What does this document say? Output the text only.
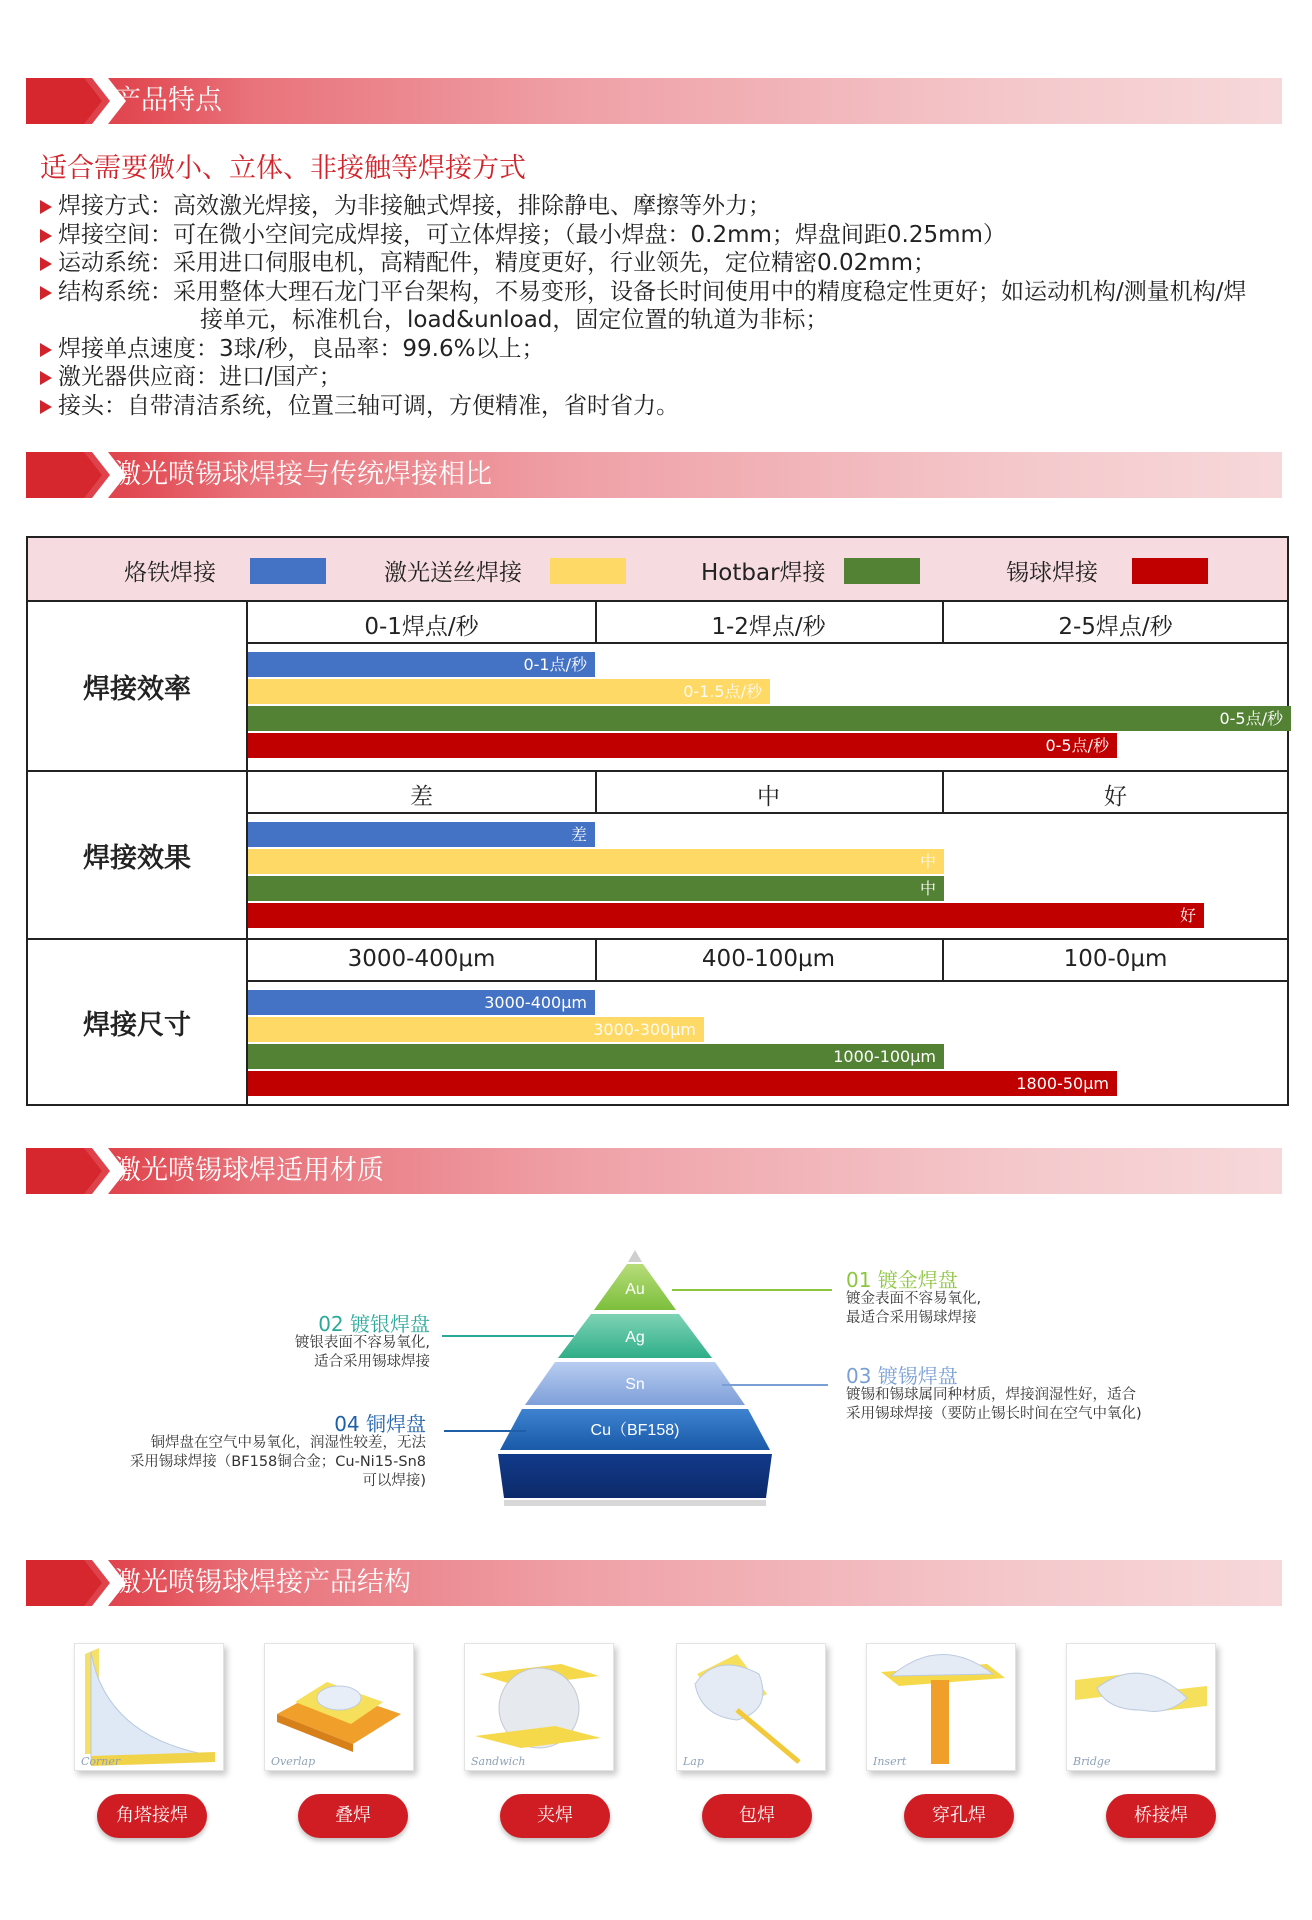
产品特点
适合需要微小、立体、非接触等焊接方式
焊接方式：高效激光焊接，为非接触式焊接，排除静电、摩擦等外力；
焊接空间：可在微小空间完成焊接，可立体焊接；（最小焊盘：0.2mm；焊盘间距0.25mm）
运动系统：采用进口伺服电机，高精配件，精度更好，行业领先，定位精密0.02mm；
结构系统：采用整体大理石龙门平台架构，不易变形，设备长时间使用中的精度稳定性更好；如运动机构/测量机构/焊
接单元，标准机台，load&unload，固定位置的轨道为非标；
焊接单点速度：3球/秒，良品率：99.6%以上；
激光器供应商：进口/国产；
接头：自带清洁系统，位置三轴可调，方便精准，省时省力。
激光喷锡球焊接与传统焊接相比
烙铁焊接	激光送丝焊接	Hotbar焊接	锡球焊接
焊接效率
0-1焊点/秒	1-2焊点/秒	2-5焊点/秒
0-1点/秒
0-1.5点/秒
0-5点/秒
0-5点/秒
焊接效果
差	中	好
差
中
中
好
焊接尺寸
3000-400μm	400-100μm	100-0μm
3000-400μm
3000-300μm
1000-100μm
1800-50μm
激光喷锡球焊适用材质
Au
Ag
Sn
Cu（BF158)
01 镀金焊盘
镀金表面不容易氧化,
最适合采用锡球焊接
02 镀银焊盘
镀银表面不容易氧化,
适合采用锡球焊接
03 镀锡焊盘
镀锡和锡球属同种材质，焊接润湿性好，适合
采用锡球焊接（要防止锡长时间在空气中氧化)
04 铜焊盘
铜焊盘在空气中易氧化，润湿性较差，无法
采用锡球焊接（BF158铜合金；Cu-Ni15-Sn8
可以焊接)
激光喷锡球焊接产品结构
Corner	Overlap	Sandwich	Lap	Insert	Bridge
角塔接焊	叠焊	夹焊	包焊	穿孔焊	桥接焊
